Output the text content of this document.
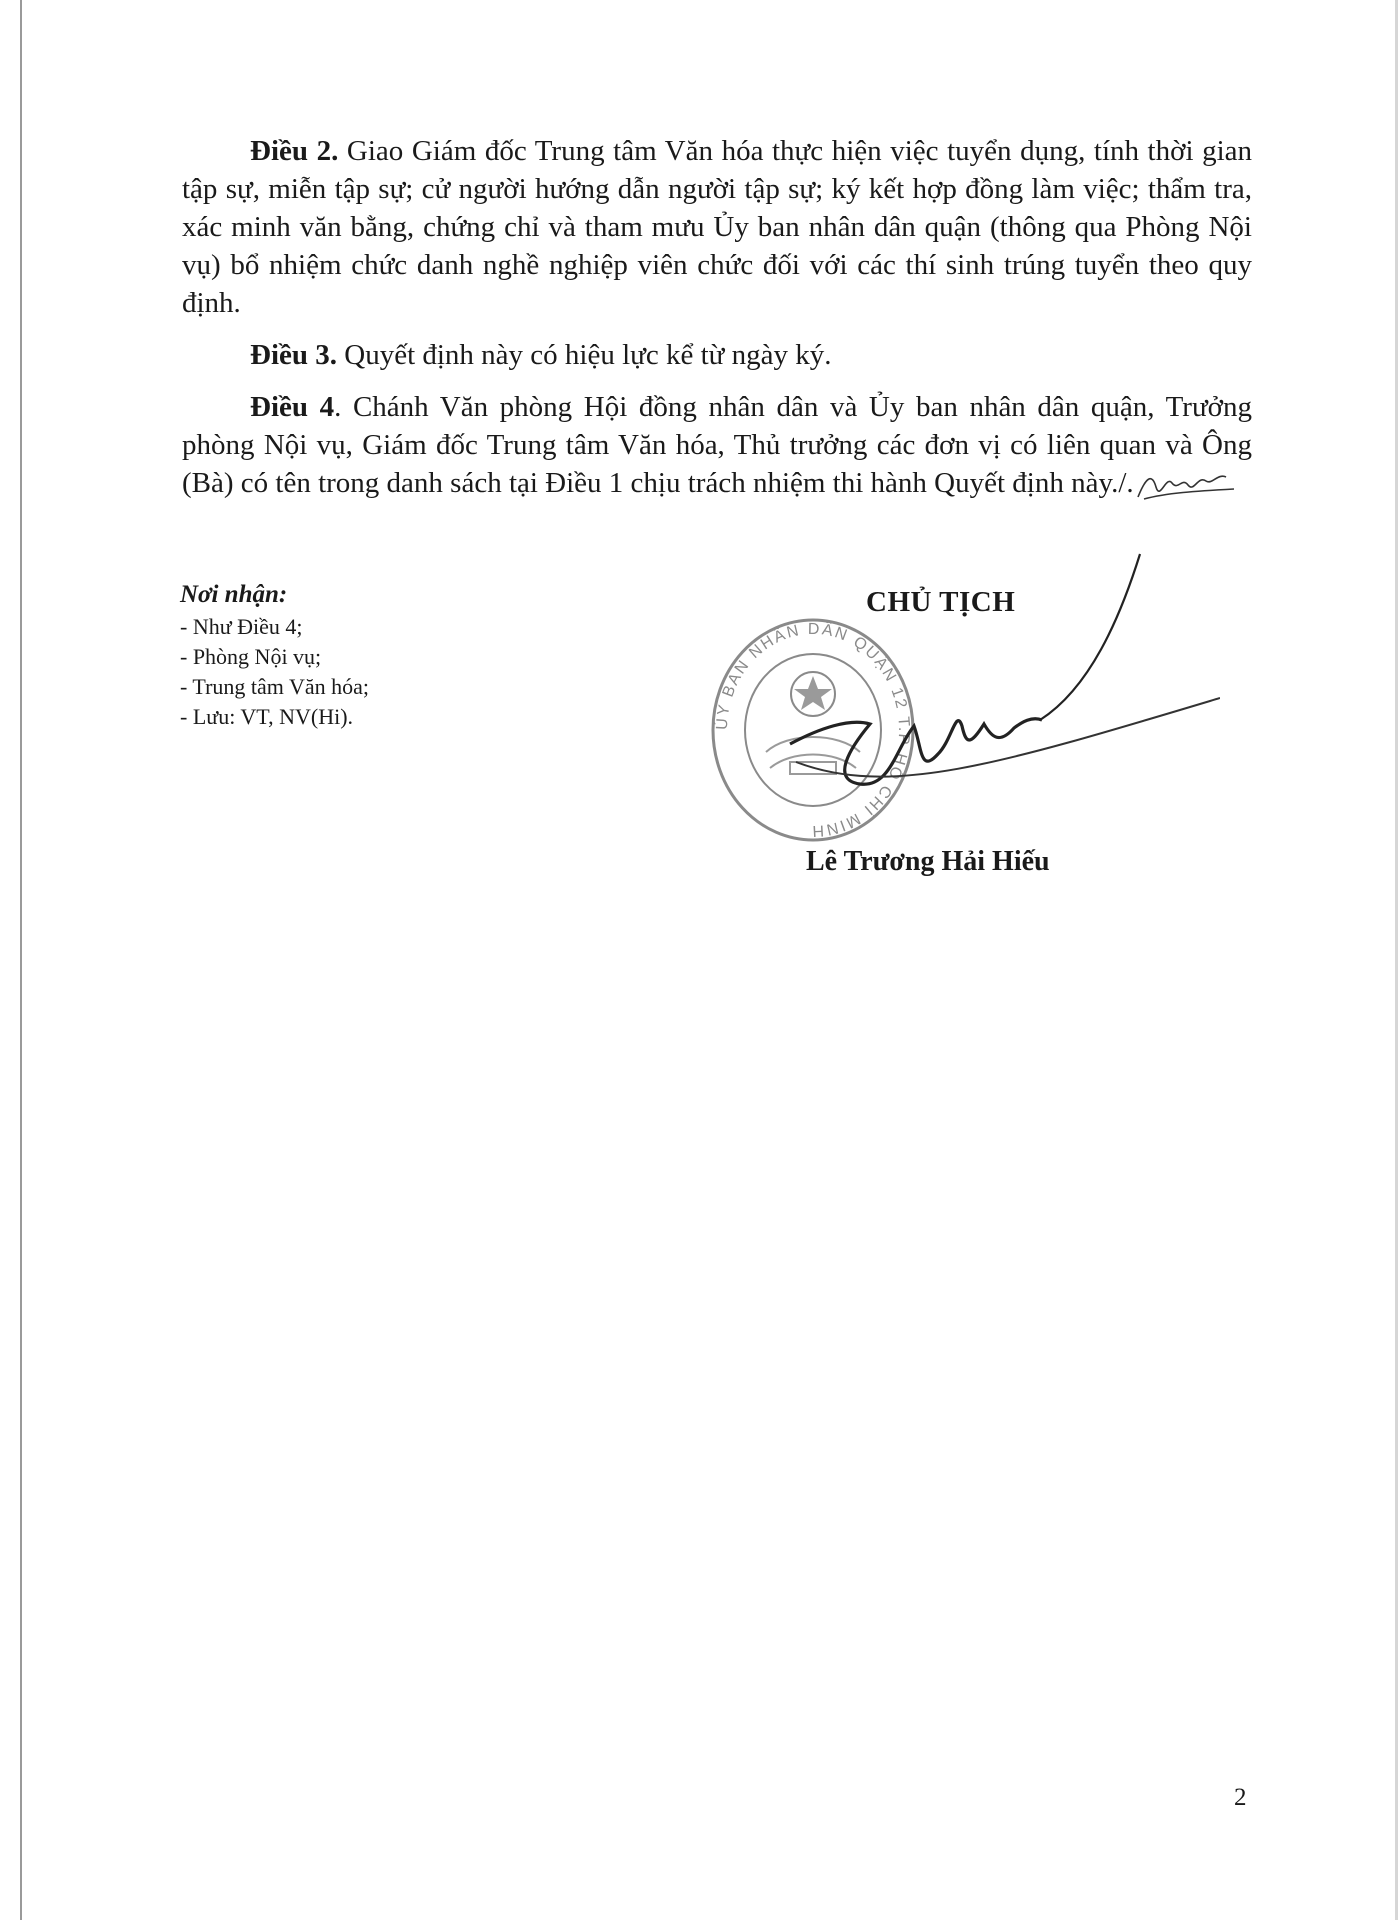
Điều 2. Giao Giám đốc Trung tâm Văn hóa thực hiện việc tuyển dụng, tính thời gian tập sự, miễn tập sự; cử người hướng dẫn người tập sự; ký kết hợp đồng làm việc; thẩm tra, xác minh văn bằng, chứng chỉ và tham mưu Ủy ban nhân dân quận (thông qua Phòng Nội vụ) bổ nhiệm chức danh nghề nghiệp viên chức đối với các thí sinh trúng tuyển theo quy định.

Điều 3. Quyết định này có hiệu lực kể từ ngày ký.

Điều 4. Chánh Văn phòng Hội đồng nhân dân và Ủy ban nhân dân quận, Trưởng phòng Nội vụ, Giám đốc Trung tâm Văn hóa, Thủ trưởng các đơn vị có liên quan và Ông (Bà) có tên trong danh sách tại Điều 1 chịu trách nhiệm thi hành Quyết định này./.

Nơi nhận:
- Như Điều 4;
- Phòng Nội vụ;
- Trung tâm Văn hóa;
- Lưu: VT, NV(Hi).
CHỦ TỊCH
ỦY BAN NHÂN DÂN QUẬN 12 T.P HỒ CHÍ MINH
Lê Trương Hải Hiếu
2
